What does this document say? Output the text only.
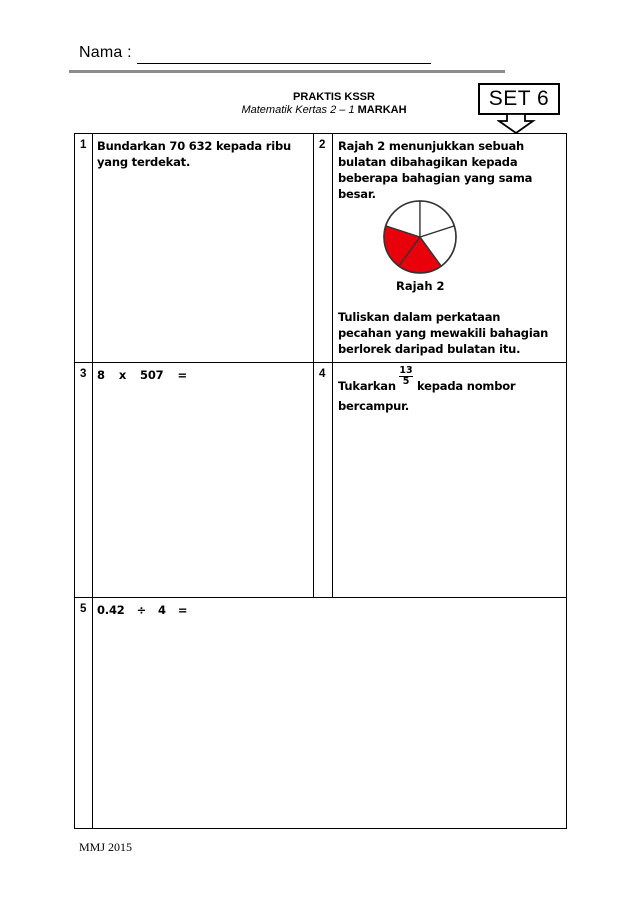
Nama :
PRAKTIS KSSR
Matematik Kertas 2 – 1 MARKAH	SET 6
1 Bundarkan 70 632 kepada ribu
yang terdekat.
2 Rajah 2 menunjukkan sebuah
bulatan dibahagikan kepada
beberapa bahagian yang sama
besar.
Rajah 2
Tuliskan dalam perkataan
pecahan yang mewakili bahagian
berlorek daripad bulatan itu.
3 8 x 507 =	4
Tukarkan $\frac{13}{5}$ kepada nombor
bercampur.
5 0.42 ÷ 4 =
MMJ 2015
